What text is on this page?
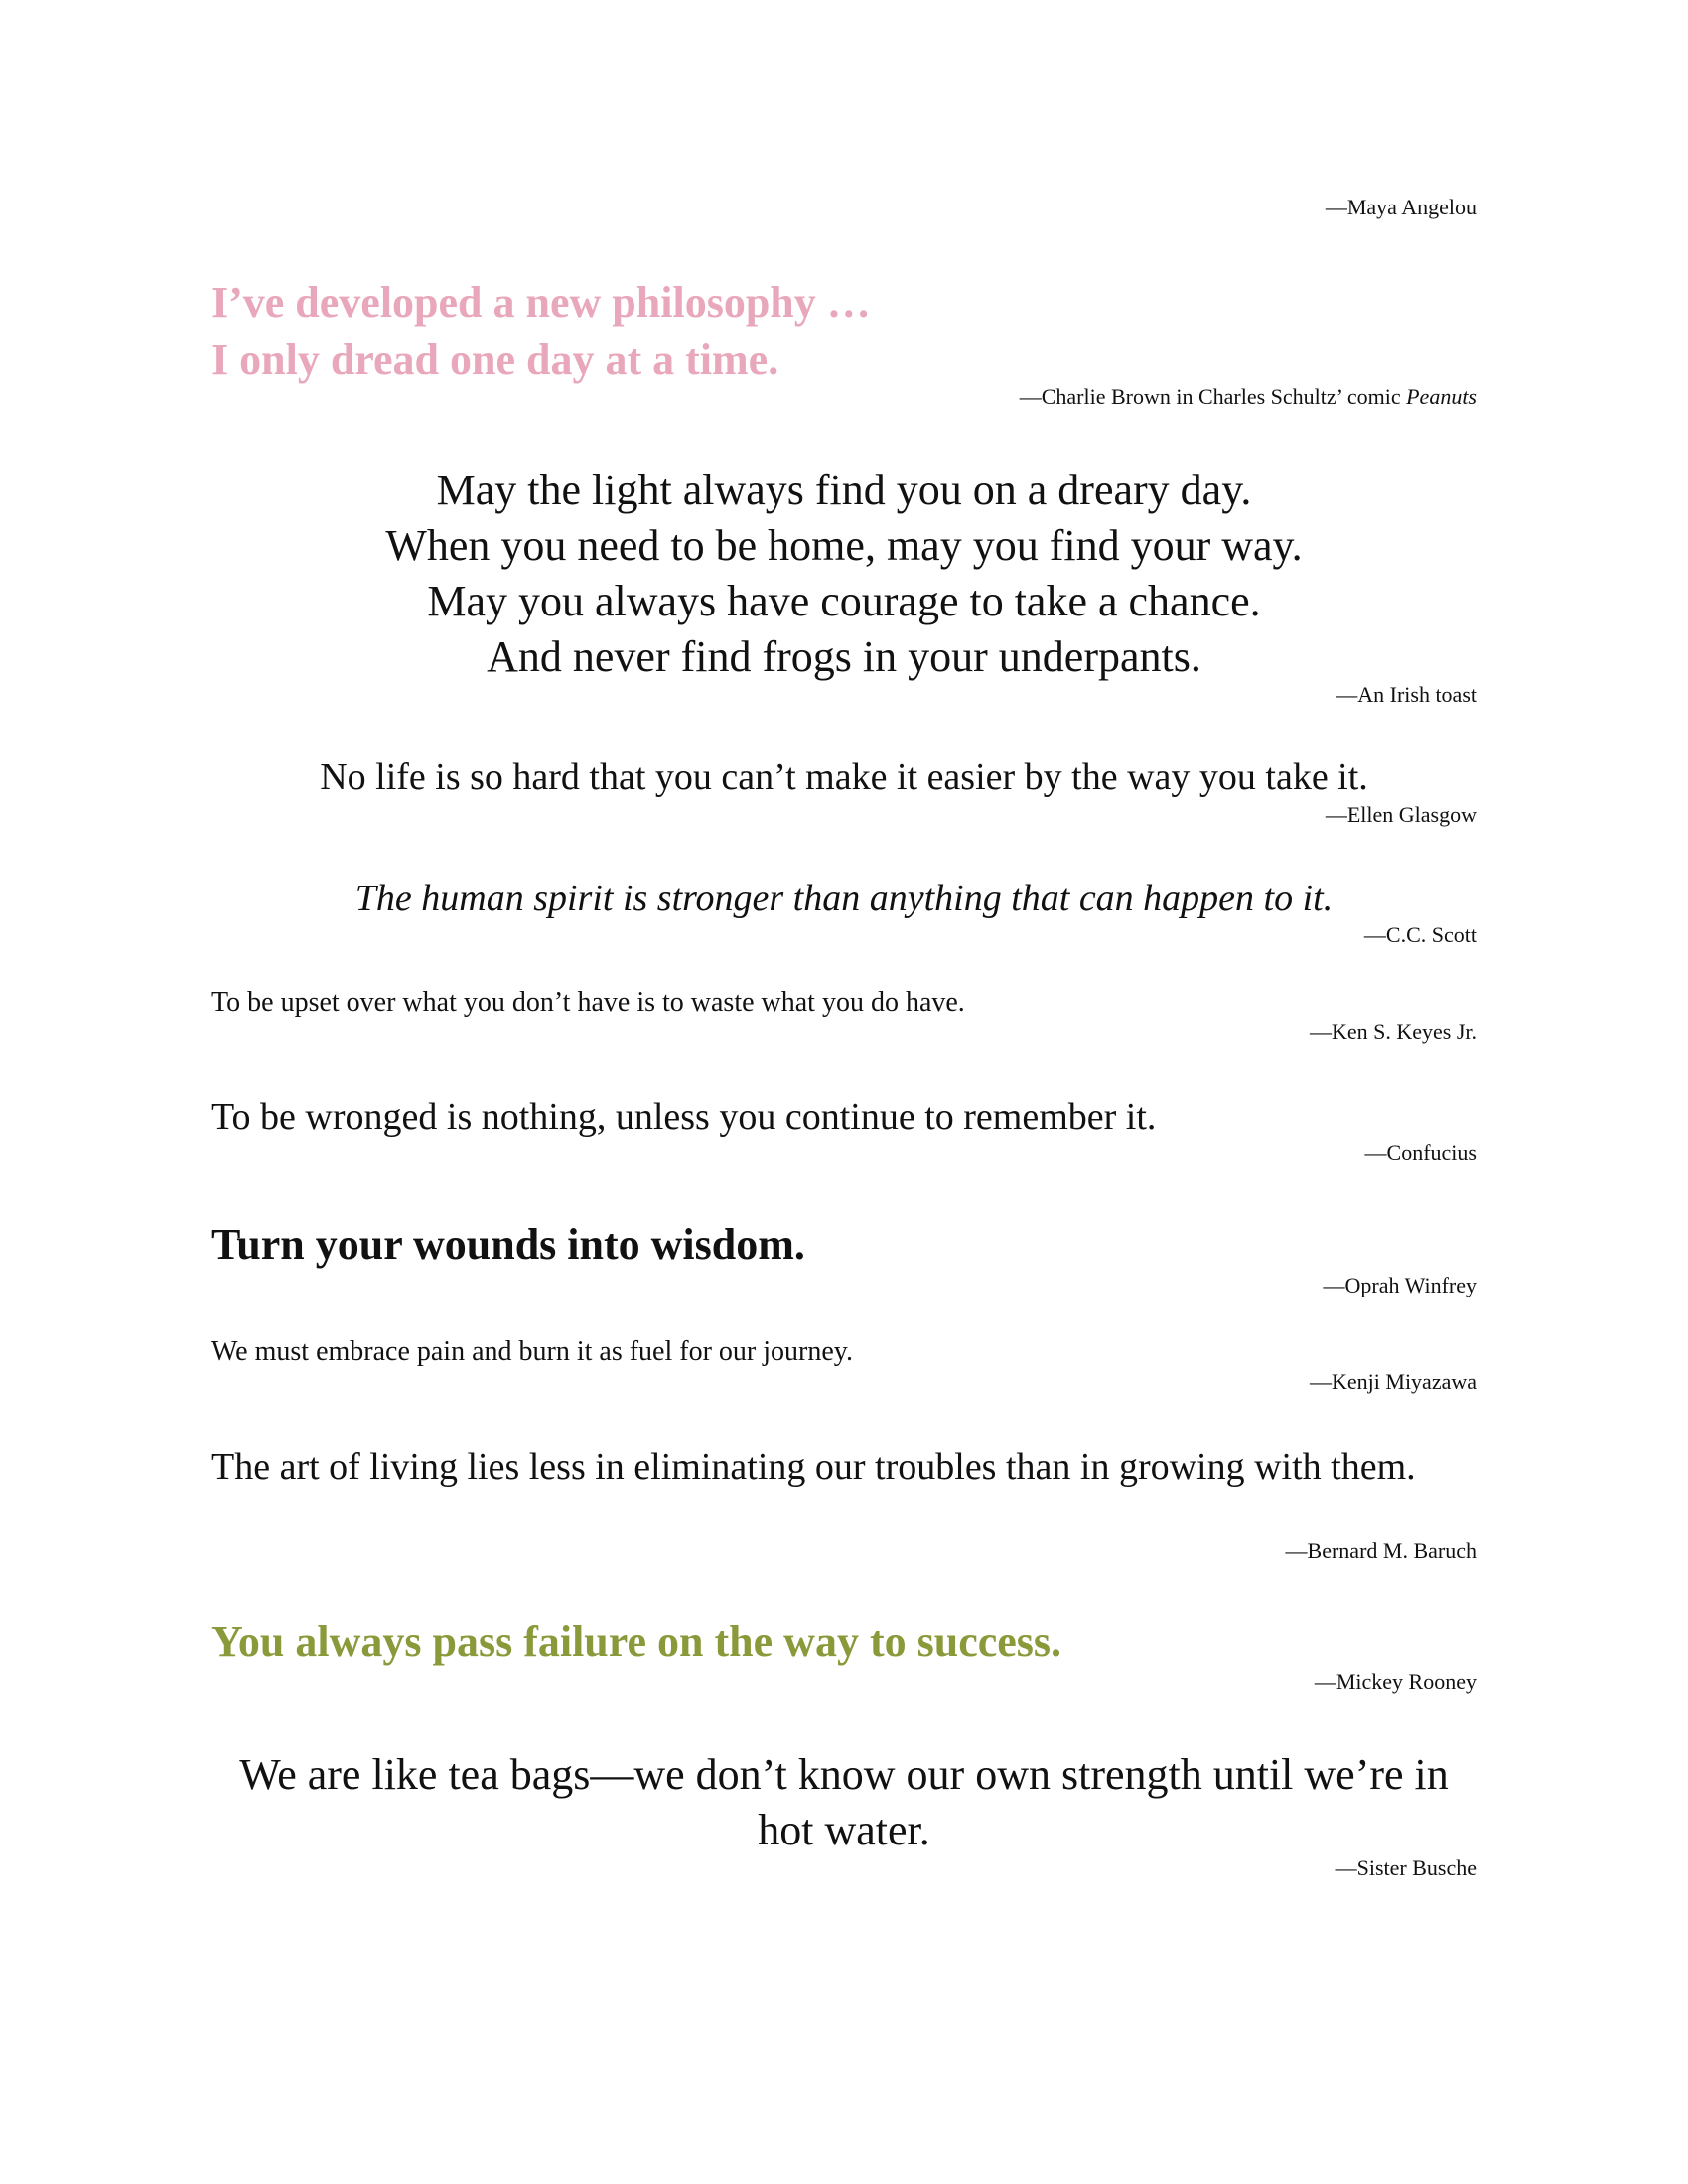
—Maya Angelou

I’ve developed a new philosophy …
I only dread one day at a time.

—Charlie Brown in Charles Schultz’ comic Peanuts

May the light always find you on a dreary day.
When you need to be home, may you find your way.
May you always have courage to take a chance.
And never find frogs in your underpants.

—An Irish toast

No life is so hard that you can’t make it easier by the way you take it.

—Ellen Glasgow

The human spirit is stronger than anything that can happen to it.

—C.C. Scott

To be upset over what you don’t have is to waste what you do have.

—Ken S. Keyes Jr.

To be wronged is nothing, unless you continue to remember it.

—Confucius

Turn your wounds into wisdom.

—Oprah Winfrey

We must embrace pain and burn it as fuel for our journey.

—Kenji Miyazawa

The art of living lies less in eliminating our troubles than in growing with them.

—Bernard M. Baruch

You always pass failure on the way to success.

—Mickey Rooney

We are like tea bags—we don’t know our own strength until we’re in hot water.

—Sister Busche
